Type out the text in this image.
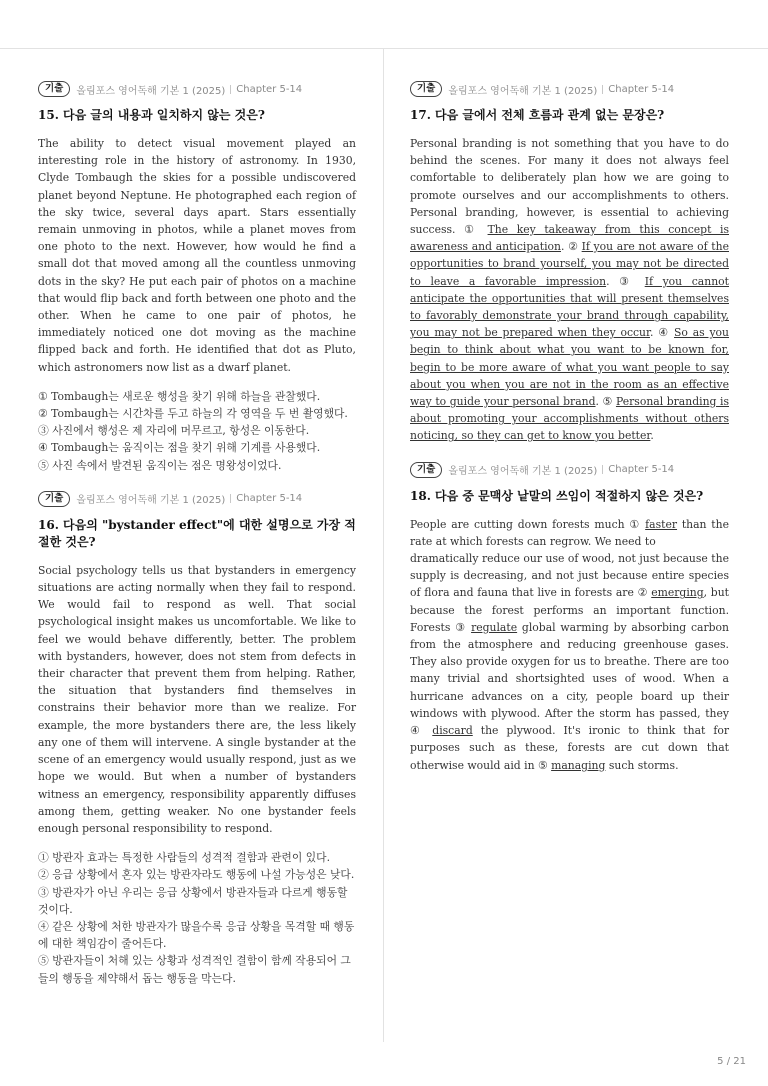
기출	올림포스 영어독해 기본 1 (2025) Chapter 5-14
15. 다음 글의 내용과 일치하지 않는 것은?

The ability to detect visual movement played an interesting role in the history of astronomy. In 1930, Clyde Tombaugh the skies for a possible undiscovered planet beyond Neptune. He photographed each region of the sky twice, several days apart. Stars essentially remain unmoving in photos, while a planet moves from one photo to the next. However, how would he find a small dot that moved among all the countless unmoving dots in the sky? He put each pair of photos on a machine that would flip back and forth between one photo and the other. When he came to one pair of photos, he immediately noticed one dot moving as the machine flipped back and forth. He identified that dot as Pluto, which astronomers now list as a dwarf planet.

① Tombaugh는 새로운 행성을 찾기 위해 하늘을 관찰했다.
② Tombaugh는 시간차를 두고 하늘의 각 영역을 두 번 촬영했다.
③ 사진에서 행성은 제 자리에 머무르고, 항성은 이동한다.
④ Tombaugh는 움직이는 점을 찾기 위해 기계를 사용했다.
⑤ 사진 속에서 발견된 움직이는 점은 명왕성이었다.
기출	올림포스 영어독해 기본 1 (2025) Chapter 5-14
16. 다음의 "bystander effect"에 대한 설명으로 가장 적절한 것은?

Social psychology tells us that bystanders in emergency situations are acting normally when they fail to respond. We would fail to respond as well. That social psychological insight makes us uncomfortable. We like to feel we would behave differently, better. The problem with bystanders, however, does not stem from defects in their character that prevent them from helping. Rather, the situation that bystanders find themselves in constrains their behavior more than we realize. For example, the more bystanders there are, the less likely any one of them will intervene. A single bystander at the scene of an emergency would usually respond, just as we hope we would. But when a number of bystanders witness an emergency, responsibility apparently diffuses among them, getting weaker. No one bystander feels enough personal responsibility to respond.

① 방관자 효과는 특정한 사람들의 성격적 결함과 관련이 있다.
② 응급 상황에서 혼자 있는 방관자라도 행동에 나설 가능성은 낮다.
③ 방관자가 아닌 우리는 응급 상황에서 방관자들과 다르게 행동할 것이다.
④ 같은 상황에 처한 방관자가 많을수록 응급 상황을 목격할 때 행동에 대한 책임감이 줄어든다.
⑤ 방관자들이 처해 있는 상황과 성격적인 결함이 함께 작용되어 그들의 행동을 제약해서 돕는 행동을 막는다.
기출	올림포스 영어독해 기본 1 (2025) Chapter 5-14
17. 다음 글에서 전체 흐름과 관계 없는 문장은?

Personal branding is not something that you have to do behind the scenes. For many it does not always feel comfortable to deliberately plan how we are going to promote ourselves and our accomplishments to others. Personal branding, however, is essential to achieving success. ① The key takeaway from this concept is awareness and anticipation. ② If you are not aware of the opportunities to brand yourself, you may not be directed to leave a favorable impression. ③ If you cannot anticipate the opportunities that will present themselves to favorably demonstrate your brand through capability, you may not be prepared when they occur. ④ So as you begin to think about what you want to be known for, begin to be more aware of what you want people to say about you when you are not in the room as an effective way to guide your personal brand. ⑤ Personal branding is about promoting your accomplishments without others noticing, so they can get to know you better.

기출	올림포스 영어독해 기본 1 (2025) Chapter 5-14
18. 다음 중 문맥상 낱말의 쓰임이 적절하지 않은 것은?

People are cutting down forests much ① faster than the rate at which forests can regrow. We need to
dramatically reduce our use of wood, not just because the supply is decreasing, and not just because entire species of flora and fauna that live in forests are ② emerging, but because the forest performs an important function. Forests ③ regulate global warming by absorbing carbon from the atmosphere and reducing greenhouse gases. They also provide oxygen for us to breathe. There are too many trivial and shortsighted uses of wood. When a hurricane advances on a city, people board up their windows with plywood. After the storm has passed, they ④ discard the plywood. It's ironic to think that for purposes such as these, forests are cut down that otherwise would aid in ⑤ managing such storms.

5 / 21
